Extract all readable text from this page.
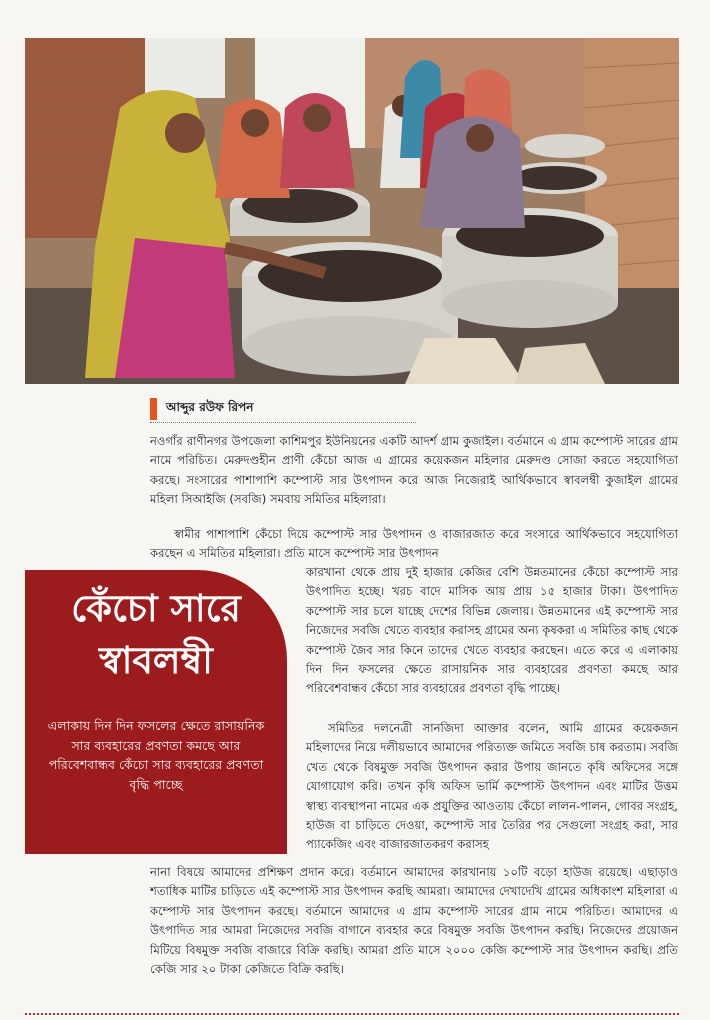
আব্দুর রউফ রিপন

নওগাঁর রাণীনগর উপজেলা কাশিমপুর ইউনিয়নের একটি আদর্শ গ্রাম কুজাইল। বর্তমানে এ গ্রাম কম্পোস্ট সারের গ্রাম নামে পরিচিত। মেরুদণ্ডহীন প্রাণী কেঁচো আজ এ গ্রামের কয়েকজন মহিলার মেরুদণ্ড সোজা করতে সহযোগিতা করছে। সংসারের পাশাপাশি কম্পোস্ট সার উৎপাদন করে আজ নিজেরাই আর্থিকভাবে স্বাবলম্বী কুজাইল গ্রামের মহিলা সিআইজি (সবজি) সমবায় সমিতির মহিলারা।

স্বামীর পাশাপাশি কেঁচো দিয়ে কম্পোস্ট সার উৎপাদন ও বাজারজাত করে সংসারে আর্থিকভাবে সহযোগিতা করছেন এ সমিতির মহিলারা। প্রতি মাসে কম্পোস্ট সার উৎপাদন

কারখানা থেকে প্রায় দুই হাজার কেজির বেশি উন্নতমানের কেঁচো কম্পোস্ট সার উৎপাদিত হচ্ছে। খরচ বাদে মাসিক আয় প্রায় ১৫ হাজার টাকা। উৎপাদিত কম্পোস্ট সার চলে যাচ্ছে দেশের বিভিন্ন জেলায়। উন্নতমানের এই কম্পোস্ট সার নিজেদের সবজি খেতে ব্যবহার করাসহ গ্রামের অন্য কৃষকরা এ সমিতির কাছ থেকে কম্পোস্ট জৈব সার কিনে তাদের খেতে ব্যবহার করছেন। এতে করে এ এলাকায় দিন দিন ফসলের ক্ষেতে রাসায়নিক সার ব্যবহারের প্রবণতা কমছে আর পরিবেশবান্ধব কেঁচো সার ব্যবহারের প্রবণতা বৃদ্ধি পাচ্ছে।

সমিতির দলনেত্রী সানজিদা আক্তার বলেন, আমি গ্রামের কয়েকজন মহিলাদের নিয়ে দলীয়ভাবে আমাদের পরিত্যক্ত জমিতে সবজি চাষ করতাম। সবজি খেত থেকে বিষমুক্ত সবজি উৎপাদন করার উপায় জানতে কৃষি অফিসের সঙ্গে যোগাযোগ করি। তখন কৃষি অফিস ভার্মি কম্পোস্ট উৎপাদন এবং মাটির উত্তম স্বাস্থ্য ব্যবস্থাপনা নামের এক প্রযুক্তির আওতায় কেঁচো লালন-পালন, গোবর সংগ্রহ, হাউজ বা চাড়িতে দেওয়া, কম্পোস্ট সার তৈরির পর সেগুলো সংগ্রহ করা, সার প্যাকেজিং এবং বাজারজাতকরণ করাসহ

নানা বিষয়ে আমাদের প্রশিক্ষণ প্রদান করে। বর্তমানে আমাদের কারখানায় ১০টি বড়ো হাউজ রয়েছে। এছাড়াও শতাধিক মাটির চাড়িতে এই কম্পোস্ট সার উৎপাদন করছি আমরা। আমাদের দেখাদেখি গ্রামের অধিকাংশ মহিলারা এ কম্পোস্ট সার উৎপাদন করছে। বর্তমানে আমাদের এ গ্রাম কম্পোস্ট সারের গ্রাম নামে পরিচিত। আমাদের এ উৎপাদিত সার আমরা নিজেদের সবজি বাগানে ব্যবহার করে বিষমুক্ত সবজি উৎপাদন করছি। নিজেদের প্রয়োজন মিটিয়ে বিষমুক্ত সবজি বাজারে বিক্রি করছি। আমরা প্রতি মাসে ২০০০ কেজি কম্পোস্ট সার উৎপাদন করছি। প্রতি কেজি সার ২০ টাকা কেজিতে বিক্রি করছি।

কেঁচো সারে স্বাবলম্বী
এলাকায় দিন দিন ফসলের ক্ষেতে রাসায়নিক সার ব্যবহারের প্রবণতা কমছে আর পরিবেশবান্ধব কেঁচো সার ব্যবহারের প্রবণতা বৃদ্ধি পাচ্ছে
